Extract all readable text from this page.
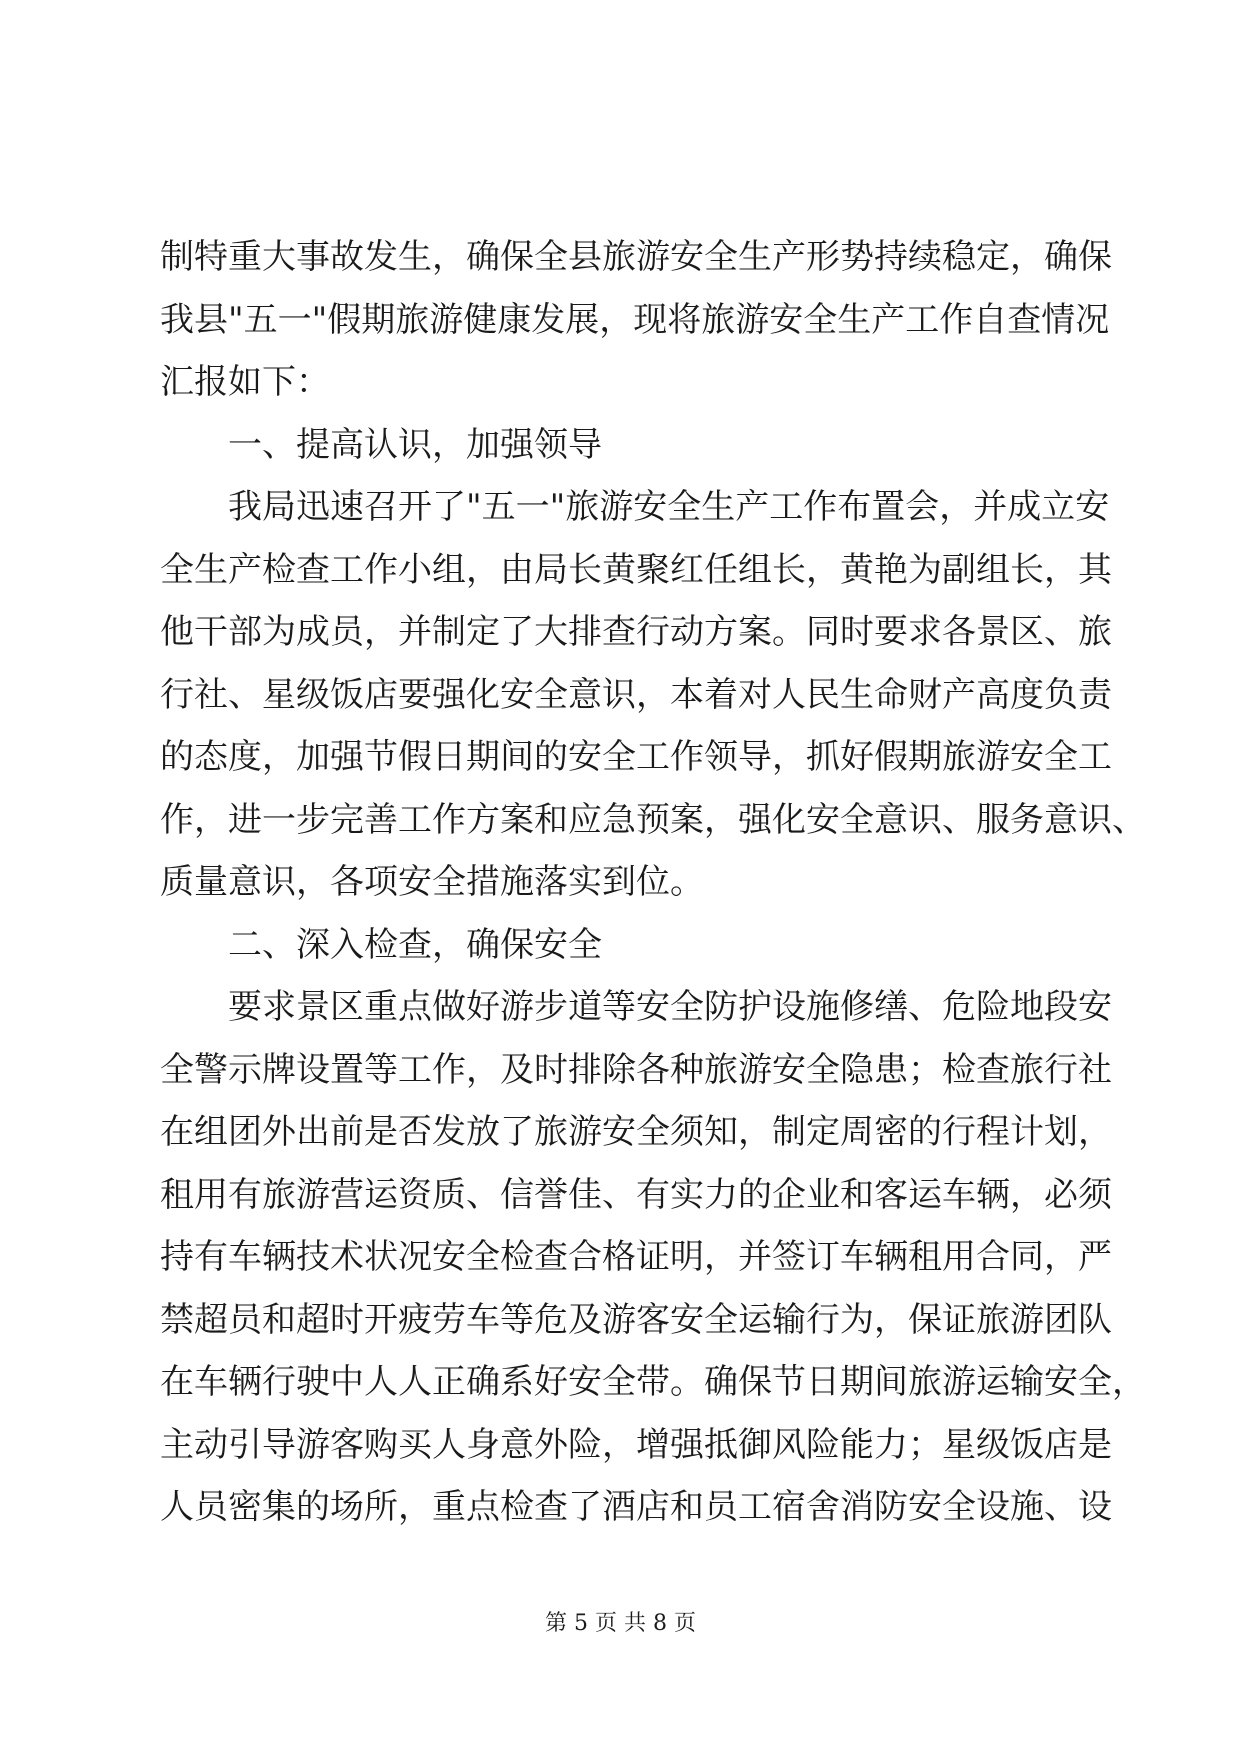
制特重大事故发生，确保全县旅游安全生产形势持续稳定，确保
我县"五一"假期旅游健康发展，现将旅游安全生产工作自查情况
汇报如下：
一、提高认识，加强领导
我局迅速召开了"五一"旅游安全生产工作布置会，并成立安
全生产检查工作小组，由局长黄聚红任组长，黄艳为副组长，其
他干部为成员，并制定了大排查行动方案。同时要求各景区、旅
行社、星级饭店要强化安全意识，本着对人民生命财产高度负责
的态度，加强节假日期间的安全工作领导，抓好假期旅游安全工
作，进一步完善工作方案和应急预案，强化安全意识、服务意识、
质量意识，各项安全措施落实到位。
二、深入检查，确保安全
要求景区重点做好游步道等安全防护设施修缮、危险地段安
全警示牌设置等工作，及时排除各种旅游安全隐患；检查旅行社
在组团外出前是否发放了旅游安全须知，制定周密的行程计划，
租用有旅游营运资质、信誉佳、有实力的企业和客运车辆，必须
持有车辆技术状况安全检查合格证明，并签订车辆租用合同，严
禁超员和超时开疲劳车等危及游客安全运输行为，保证旅游团队
在车辆行驶中人人正确系好安全带。确保节日期间旅游运输安全，
主动引导游客购买人身意外险，增强抵御风险能力；星级饭店是
人员密集的场所，重点检查了酒店和员工宿舍消防安全设施、设
第 5 页 共 8 页
